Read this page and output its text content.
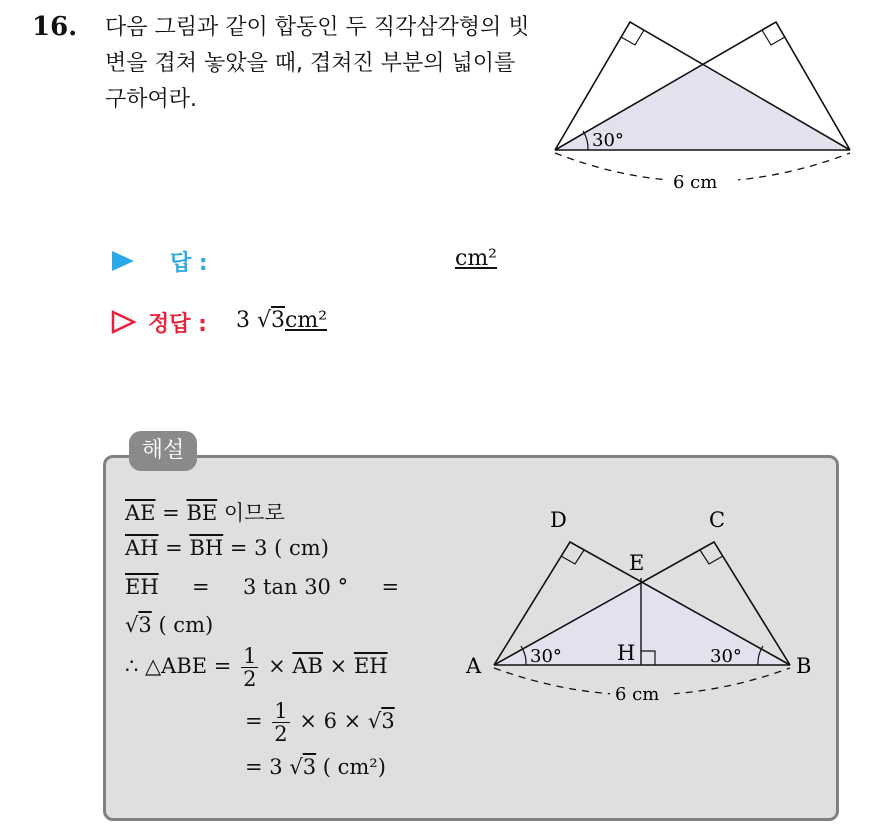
16. 다음 그림과 같이 합동인 두 직각삼각형의 빗변을 겹쳐 놓았을 때, 겹쳐진 부분의 넓이를 구하여라.
30°
6 cm
답 :	cm²
정답 : 3 √3cm²
해설
$\overline{AE} = \overline{BE}$ 이므로
$\overline{AH} = \overline{BH} = 3$ ( cm)
$\overline{EH}$     =     3 tan 30 °     =
√3 ( cm)
∴ △ABE = $\frac{1}{2} \times \overline{AB} \times \overline{EH}$
= $\frac{1}{2} \times 6 \times √3$
= 3 √3 ( cm²)
A	B
C
D
E
H
30°	30°
6 cm
